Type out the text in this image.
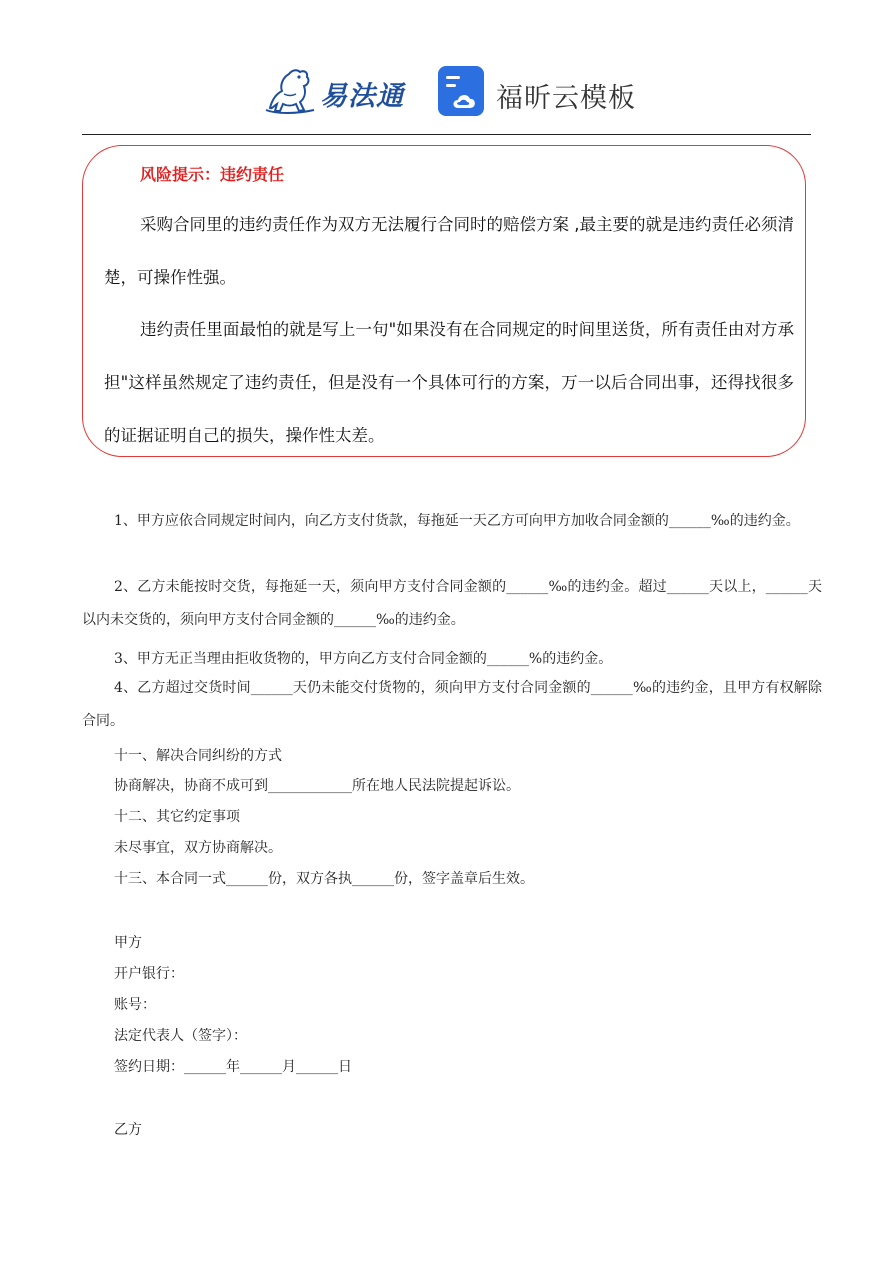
易法通	福昕云模板
风险提示：违约责任
采购合同里的违约责任作为双方无法履行合同时的赔偿方案 ,最主要的就是违约责任必须清楚，可操作性强。
违约责任里面最怕的就是写上一句"如果没有在合同规定的时间里送货，所有责任由对方承担"这样虽然规定了违约责任，但是没有一个具体可行的方案，万一以后合同出事，还得找很多的证据证明自己的损失，操作性太差。
1、甲方应依合同规定时间内，向乙方支付货款，每拖延一天乙方可向甲方加收合同金额的______‰的违约金。
2、乙方未能按时交货，每拖延一天，须向甲方支付合同金额的______‰的违约金。超过______天以上，______天以内未交货的，须向甲方支付合同金额的______‰的违约金。
3、甲方无正当理由拒收货物的，甲方向乙方支付合同金额的______%的违约金。
4、乙方超过交货时间______天仍未能交付货物的，须向甲方支付合同金额的______‰的违约金，且甲方有权解除合同。
十一、解决合同纠纷的方式
协商解决，协商不成可到____________所在地人民法院提起诉讼。
十二、其它约定事项
未尽事宜，双方协商解决。
十三、本合同一式______份，双方各执______份，签字盖章后生效。
甲方
开户银行：
账号：
法定代表人（签字）：
签约日期：______年______月______日
乙方
